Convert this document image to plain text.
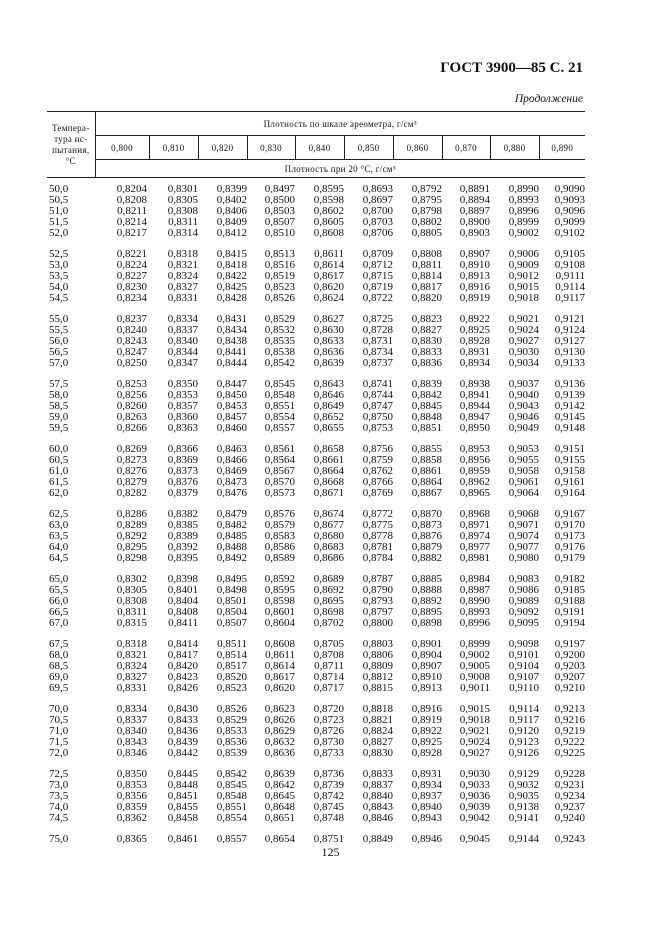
ГОСТ 3900—85 С. 21
Продолжение
Темпера-
тура ис-
пытания,
°С	Плотность по шкале ареометра, г/см³									
	0,800	0,810	0,820	0,830	0,840	0,850	0,860	0,870	0,880	0,890
	Плотность при 20 °С, г/см³									
50,0	0,8204	0,8301	0,8399	0,8497	0,8595	0,8693	0,8792	0,8891	0,8990	0,9090
50,5	0,8208	0,8305	0,8402	0,8500	0,8598	0,8697	0,8795	0,8894	0,8993	0,9093
51,0	0,8211	0,8308	0,8406	0,8503	0,8602	0,8700	0,8798	0,8897	0,8996	0,9096
51,5	0,8214	0,8311	0,8409	0,8507	0,8605	0,8703	0,8802	0,8900	0,8999	0,9099
52,0	0,8217	0,8314	0,8412	0,8510	0,8608	0,8706	0,8805	0,8903	0,9002	0,9102

52,5	0,8221	0,8318	0,8415	0,8513	0,8611	0,8709	0,8808	0,8907	0,9006	0,9105
53,0	0,8224	0,8321	0,8418	0,8516	0,8614	0,8712	0,8811	0,8910	0,9009	0,9108
53,5	0,8227	0,8324	0,8422	0,8519	0,8617	0,8715	0,8814	0,8913	0,9012	0,9111
54,0	0,8230	0,8327	0,8425	0,8523	0,8620	0,8719	0,8817	0,8916	0,9015	0,9114
54,5	0,8234	0,8331	0,8428	0,8526	0,8624	0,8722	0,8820	0,8919	0,9018	0,9117

55,0	0,8237	0,8334	0,8431	0,8529	0,8627	0,8725	0,8823	0,8922	0,9021	0,9121
55,5	0,8240	0,8337	0,8434	0,8532	0,8630	0,8728	0,8827	0,8925	0,9024	0,9124
56,0	0,8243	0,8340	0,8438	0,8535	0,8633	0,8731	0,8830	0,8928	0,9027	0,9127
56,5	0,8247	0,8344	0,8441	0,8538	0,8636	0,8734	0,8833	0,8931	0,9030	0,9130
57,0	0,8250	0,8347	0,8444	0,8542	0,8639	0,8737	0,8836	0,8934	0,9034	0,9133

57,5	0,8253	0,8350	0,8447	0,8545	0,8643	0,8741	0,8839	0,8938	0,9037	0,9136
58,0	0,8256	0,8353	0,8450	0,8548	0,8646	0,8744	0,8842	0,8941	0,9040	0,9139
58,5	0,8260	0,8357	0,8453	0,8551	0,8649	0,8747	0,8845	0,8944	0,9043	0,9142
59,0	0,8263	0,8360	0,8457	0,8554	0,8652	0,8750	0,8848	0,8947	0,9046	0,9145
59,5	0,8266	0,8363	0,8460	0,8557	0,8655	0,8753	0,8851	0,8950	0,9049	0,9148

60,0	0,8269	0,8366	0,8463	0,8561	0,8658	0,8756	0,8855	0,8953	0,9053	0,9151
60,5	0,8273	0,8369	0,8466	0,8564	0,8661	0,8759	0,8858	0,8956	0,9055	0,9155
61,0	0,8276	0,8373	0,8469	0,8567	0,8664	0,8762	0,8861	0,8959	0,9058	0,9158
61,5	0,8279	0,8376	0,8473	0,8570	0,8668	0,8766	0,8864	0,8962	0,9061	0,9161
62,0	0,8282	0,8379	0,8476	0,8573	0,8671	0,8769	0,8867	0,8965	0,9064	0,9164

62,5	0,8286	0,8382	0,8479	0,8576	0,8674	0,8772	0,8870	0,8968	0,9068	0,9167
63,0	0,8289	0,8385	0,8482	0,8579	0,8677	0,8775	0,8873	0,8971	0,9071	0,9170
63,5	0,8292	0,8389	0,8485	0,8583	0,8680	0,8778	0,8876	0,8974	0,9074	0,9173
64,0	0,8295	0,8392	0,8488	0,8586	0,8683	0,8781	0,8879	0,8977	0,9077	0,9176
64,5	0,8298	0,8395	0,8492	0,8589	0,8686	0,8784	0,8882	0,8981	0,9080	0,9179

65,0	0,8302	0,8398	0,8495	0,8592	0,8689	0,8787	0,8885	0,8984	0,9083	0,9182
65,5	0,8305	0,8401	0,8498	0,8595	0,8692	0,8790	0,8888	0,8987	0,9086	0,9185
66,0	0,8308	0,8404	0,8501	0,8598	0,8695	0,8793	0,8892	0,8990	0,9089	0,9188
66,5	0,8311	0,8408	0,8504	0,8601	0,8698	0,8797	0,8895	0,8993	0,9092	0,9191
67,0	0,8315	0,8411	0,8507	0,8604	0,8702	0,8800	0,8898	0,8996	0,9095	0,9194

67,5	0,8318	0,8414	0,8511	0,8608	0,8705	0,8803	0,8901	0,8999	0,9098	0,9197
68,0	0,8321	0,8417	0,8514	0,8611	0,8708	0,8806	0,8904	0,9002	0,9101	0,9200
68,5	0,8324	0,8420	0,8517	0,8614	0,8711	0,8809	0,8907	0,9005	0,9104	0,9203
69,0	0,8327	0,8423	0,8520	0,8617	0,8714	0,8812	0,8910	0,9008	0,9107	0,9207
69,5	0,8331	0,8426	0,8523	0,8620	0,8717	0,8815	0,8913	0,9011	0,9110	0,9210

70,0	0,8334	0,8430	0,8526	0,8623	0,8720	0,8818	0,8916	0,9015	0,9114	0,9213
70,5	0,8337	0,8433	0,8529	0,8626	0,8723	0,8821	0,8919	0,9018	0,9117	0,9216
71,0	0,8340	0,8436	0,8533	0,8629	0,8726	0,8824	0,8922	0,9021	0,9120	0,9219
71,5	0,8343	0,8439	0,8536	0,8632	0,8730	0,8827	0,8925	0,9024	0,9123	0,9222
72,0	0,8346	0,8442	0,8539	0,8636	0,8733	0,8830	0,8928	0,9027	0,9126	0,9225

72,5	0,8350	0,8445	0,8542	0,8639	0,8736	0,8833	0,8931	0,9030	0,9129	0,9228
73,0	0,8353	0,8448	0,8545	0,8642	0,8739	0,8837	0,8934	0,9033	0,9032	0,9231
73,5	0,8356	0,8451	0,8548	0,8645	0,8742	0,8840	0,8937	0,9036	0,9035	0,9234
74,0	0,8359	0,8455	0,8551	0,8648	0,8745	0,8843	0,8940	0,9039	0,9138	0,9237
74,5	0,8362	0,8458	0,8554	0,8651	0,8748	0,8846	0,8943	0,9042	0,9141	0,9240

75,0	0,8365	0,8461	0,8557	0,8654	0,8751	0,8849	0,8946	0,9045	0,9144	0,9243
125
